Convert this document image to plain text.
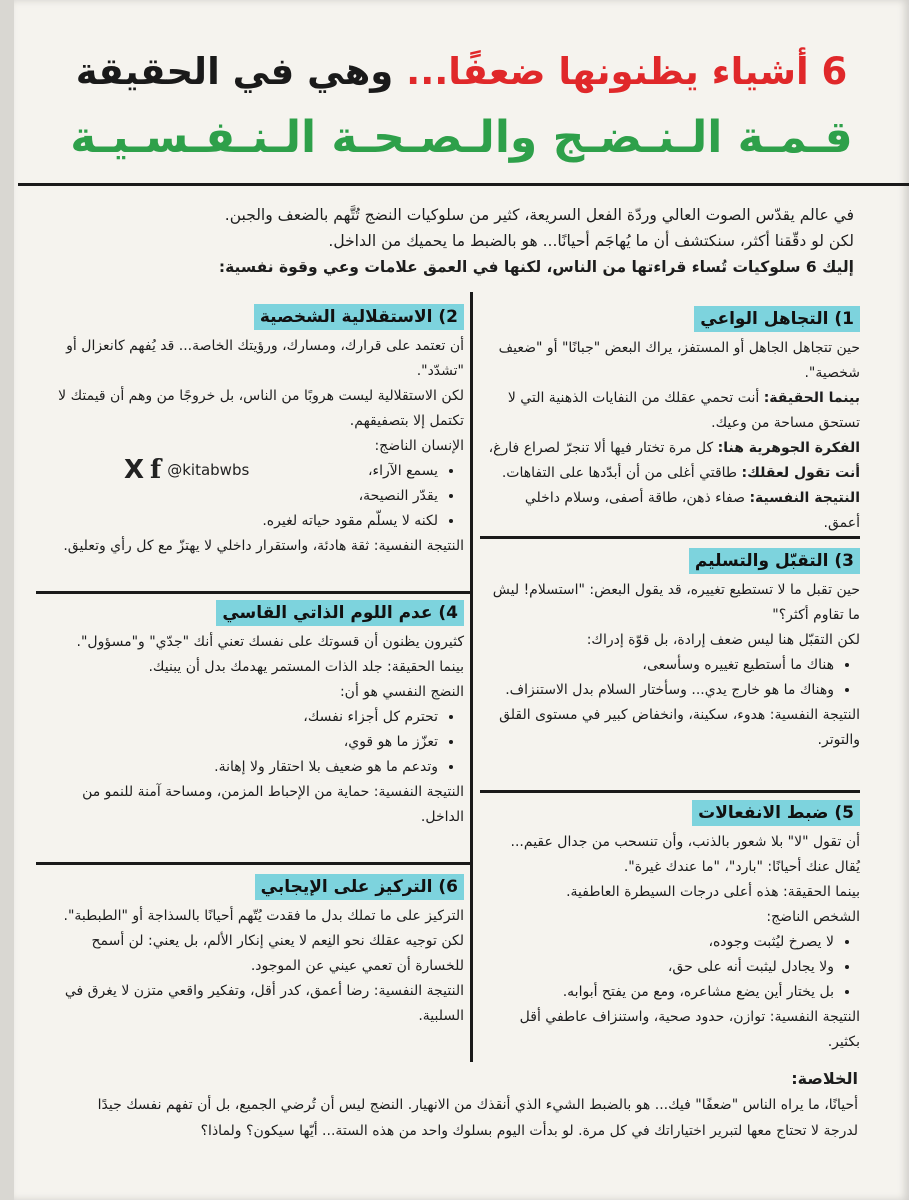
6 أشياء يظنونها ضعفًا... وهي في الحقيقة
قـمـة الـنـضـج والـصـحـة الـنـفـسـيـة

في عالم يقدّس الصوت العالي وردّة الفعل السريعة، كثير من سلوكيات النضج تُتَّهم بالضعف والجبن.

لكن لو دقّقنا أكثر، سنكتشف أن ما يُهاجَم أحيانًا... هو بالضبط ما يحميك من الداخل.

إليك 6 سلوكيات تُساء قراءتها من الناس، لكنها في العمق علامات وعي وقوة نفسية:

1) التجاهل الواعي

حين تتجاهل الجاهل أو المستفز، يراك البعض "جبانًا" أو "ضعيف شخصية".

بينما الحقيقة: أنت تحمي عقلك من النفايات الذهنية التي لا تستحق مساحة من وعيك.

الفكرة الجوهرية هنا: كل مرة تختار فيها ألا تنجرّ لصراع فارغ،

أنت تقول لعقلك: طاقتي أغلى من أن أبدّدها على التفاهات.

النتيجة النفسية: صفاء ذهن، طاقة أصفى، وسلام داخلي أعمق.

2) الاستقلالية الشخصية

أن تعتمد على قرارك، ومسارك، ورؤيتك الخاصة... قد يُفهم كانعزال أو "تشدّد".

لكن الاستقلالية ليست هروبًا من الناس، بل خروجًا من وهم أن قيمتك لا تكتمل إلا بتصفيقهم.

الإنسان الناضج:

• يسمع الآراء،
• يقدّر النصيحة،
• لكنه لا يسلّم مقود حياته لغيره.

النتيجة النفسية: ثقة هادئة، واستقرار داخلي لا يهتزّ مع كل رأي وتعليق.

X f @kitabwbs
3) التقبّل والتسليم

حين تقبل ما لا تستطيع تغييره، قد يقول البعض: "استسلام! ليش ما تقاوم أكثر؟"

لكن التقبّل هنا ليس ضعف إرادة، بل قوّة إدراك:

• هناك ما أستطيع تغييره وسأسعى،
• وهناك ما هو خارج يدي... وسأختار السلام بدل الاستنزاف.

النتيجة النفسية: هدوء، سكينة، وانخفاض كبير في مستوى القلق والتوتر.

4) عدم اللوم الذاتي القاسي

كثيرون يظنون أن قسوتك على نفسك تعني أنك "جدّي" و"مسؤول".

بينما الحقيقة: جلد الذات المستمر يهدمك بدل أن يبنيك.

النضج النفسي هو أن:

• تحترم كل أجزاء نفسك،
• تعزّز ما هو قوي،
• وتدعم ما هو ضعيف بلا احتقار ولا إهانة.

النتيجة النفسية: حماية من الإحباط المزمن، ومساحة آمنة للنمو من الداخل.	5) ضبط الانفعالات

أن تقول "لا" بلا شعور بالذنب، وأن تنسحب من جدال عقيم...

يُقال عنك أحيانًا: "بارد"، "ما عندك غيرة".

بينما الحقيقة: هذه أعلى درجات السيطرة العاطفية.

الشخص الناضج:

• لا يصرخ ليُثبت وجوده،
• ولا يجادل ليثبت أنه على حق،
• بل يختار أين يضع مشاعره، ومع من يفتح أبوابه.

النتيجة النفسية: توازن، حدود صحية، واستنزاف عاطفي أقل بكثير.

6) التركيز على الإيجابي

التركيز على ما تملك بدل ما فقدت يُتّهم أحيانًا بالسذاجة أو "الطبطبة".

لكن توجيه عقلك نحو النِعم لا يعني إنكار الألم، بل يعني: لن أسمح للخسارة أن تعمي عيني عن الموجود.

النتيجة النفسية: رضا أعمق، كدر أقل، وتفكير واقعي متزن لا يغرق في السلبية.

الخلاصة:

أحيانًا، ما يراه الناس "ضعفًا" فيك... هو بالضبط الشيء الذي أنقذك من الانهيار. النضج ليس أن تُرضي الجميع، بل أن تفهم نفسك جيدًا لدرجة لا تحتاج معها لتبرير اختياراتك في كل مرة. لو بدأت اليوم بسلوك واحد من هذه الستة... أيّها سيكون؟ ولماذا؟
